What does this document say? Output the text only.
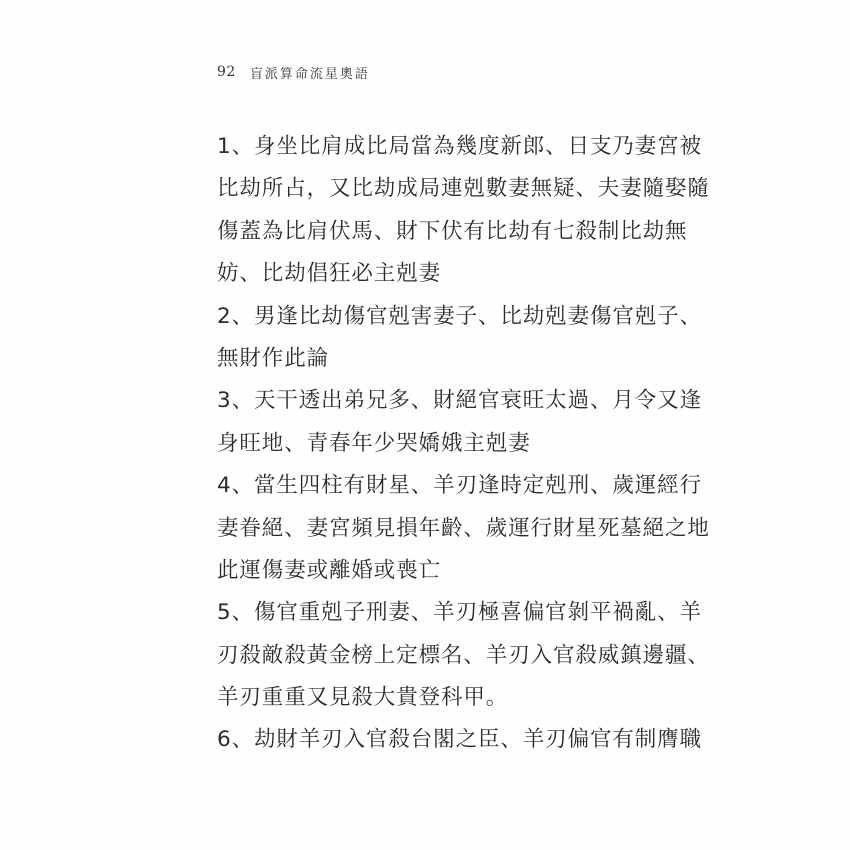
92 盲派算命流星奧語
1、身坐比肩成比局當為幾度新郎、日支乃妻宮被
比劫所占，又比劫成局連剋數妻無疑、夫妻隨娶隨
傷蓋為比肩伏馬、財下伏有比劫有七殺制比劫無
妨、比劫倡狂必主剋妻
2、男逢比劫傷官剋害妻子、比劫剋妻傷官剋子、
無財作此論
3、天干透出弟兄多、財絕官衰旺太過、月令又逢
身旺地、青春年少哭嬌娥主剋妻
4、當生四柱有財星、羊刃逢時定剋刑、歲運經行
妻眷絕、妻宮頻見損年齡、歲運行財星死墓絕之地
此運傷妻或離婚或喪亡
5、傷官重剋子刑妻、羊刃極喜偏官剝平禍亂、羊
刃殺敵殺黃金榜上定標名、羊刃入官殺威鎮邊疆、
羊刃重重又見殺大貴登科甲。
6、劫財羊刃入官殺台閣之臣、羊刃偏官有制膺職
